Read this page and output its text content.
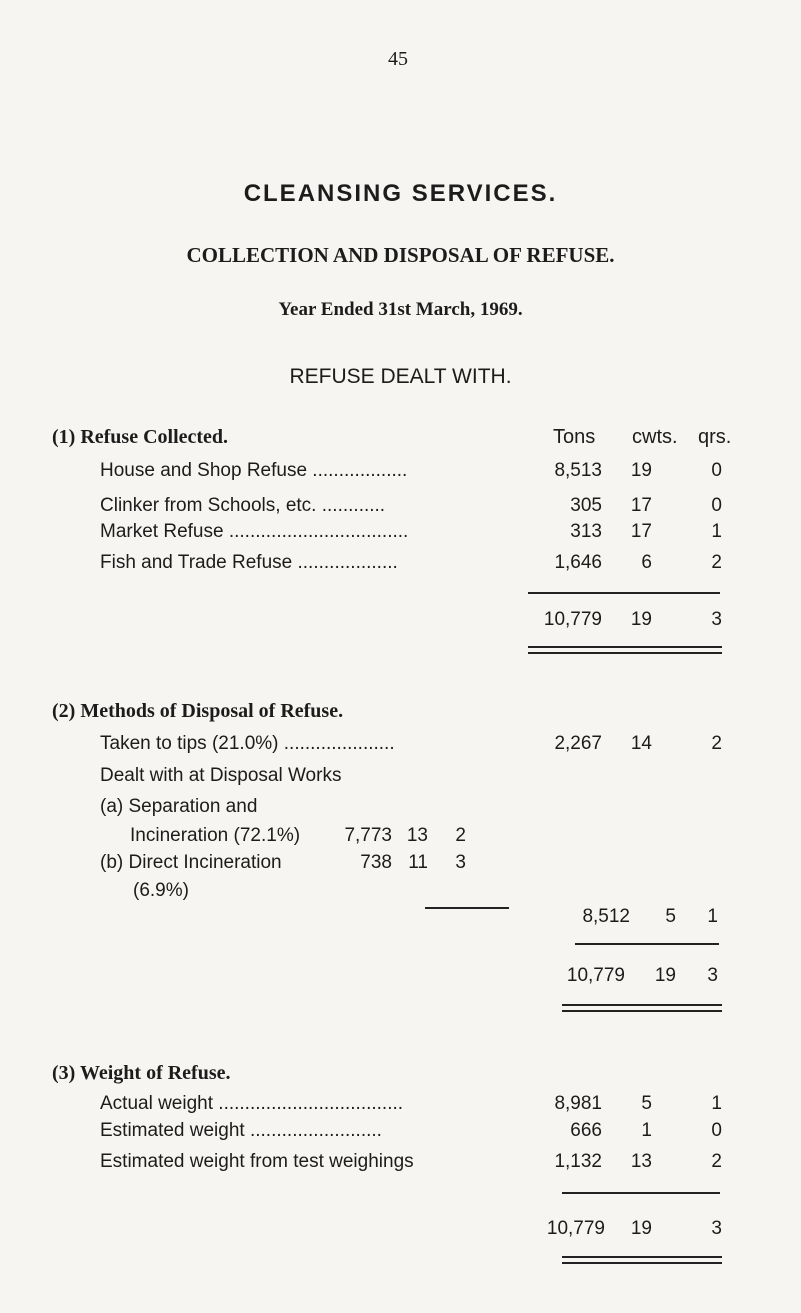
45
CLEANSING SERVICES.
COLLECTION AND DISPOSAL OF REFUSE.
Year Ended 31st March, 1969.
REFUSE DEALT WITH.
(1) Refuse Collected.	Tons cwts. qrs.
House and Shop Refuse ..................	8,513	19	0
Clinker from Schools, etc. ............	305	17	0
Market Refuse ..................................	313	17	1
Fish and Trade Refuse ...................	1,646	6	2
10,779	19	3
(2) Methods of Disposal of Refuse.
Taken to tips (21.0%) .....................	2,267	14	2
Dealt with at Disposal Works
(a) Separation and
Incineration (72.1%)	7,773 13	2
(b) Direct Incineration	738 11	3
(6.9%)
8,512	5	1
10,779	19	3
(3) Weight of Refuse.
Actual weight ...................................	8,981	5	1
Estimated weight .........................	666	1	0
Estimated weight from test weighings	1,132	13	2
10,779	19	3
